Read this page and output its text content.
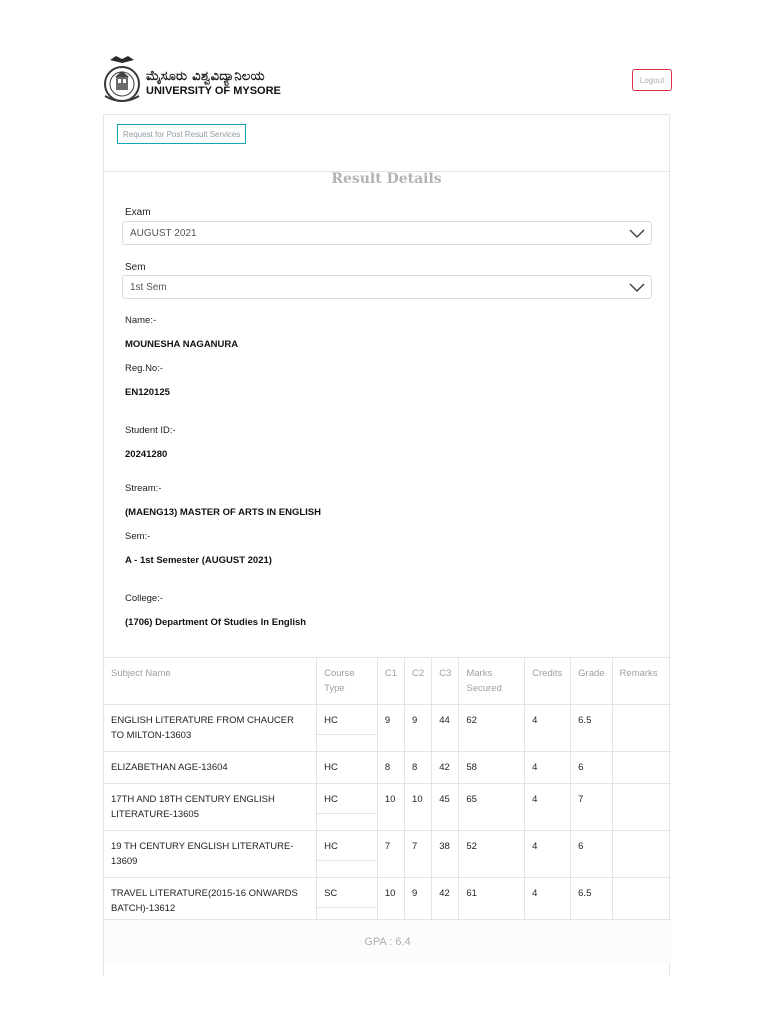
ಮೈಸೂರು ವಿಶ್ವವಿದ್ಯಾನಿಲಯ
UNIVERSITY OF MYSORE
Logout
Request for Post Result Services
Result Details
Exam
AUGUST 2021
Sem
1st Sem
Name:-
MOUNESHA NAGANURA
Reg.No:-
EN120125
Student ID:-
20241280
Stream:-
(MAENG13) MASTER OF ARTS IN ENGLISH
Sem:-
A - 1st Semester (AUGUST 2021)
College:-
(1706) Department Of Studies In English
Subject Name	Course Type	C1	C2	C3	Marks Secured	Credits	Grade	Remarks
ENGLISH LITERATURE FROM CHAUCER TO MILTON-13603	HC	9	9	44	62	4	6.5	
ELIZABETHAN AGE-13604	HC	8	8	42	58	4	6	
17TH AND 18TH CENTURY ENGLISH LITERATURE-13605	HC	10	10	45	65	4	7	
19 TH CENTURY ENGLISH LITERATURE-13609	HC	7	7	38	52	4	6	
TRAVEL LITERATURE(2015-16 ONWARDS BATCH)-13612	SC	10	9	42	61	4	6.5	
GPA : 6.4
